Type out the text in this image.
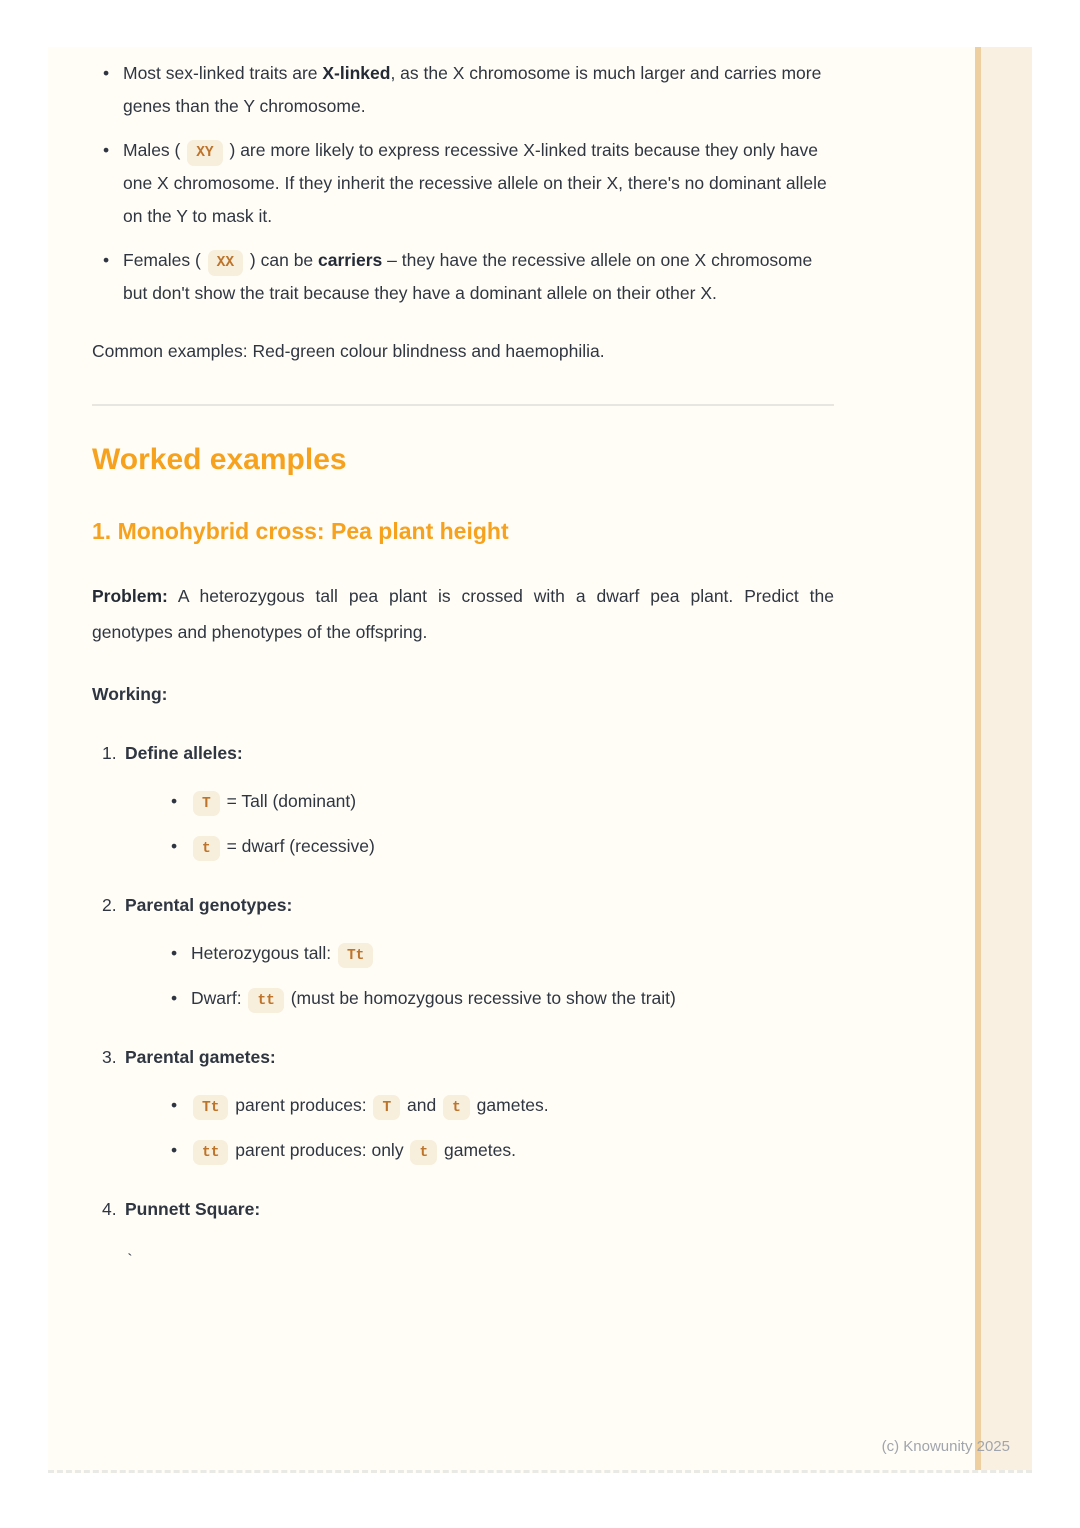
• Most sex-linked traits are X-linked, as the X chromosome is much larger and carries more genes than the Y chromosome.
• Males ( XY ) are more likely to express recessive X-linked traits because they only have one X chromosome. If they inherit the recessive allele on their X, there's no dominant allele on the Y to mask it.
• Females ( XX ) can be carriers – they have the recessive allele on one X chromosome but don't show the trait because they have a dominant allele on their other X.

Common examples: Red-green colour blindness and haemophilia.

Worked examples
1. Monohybrid cross: Pea plant height

Problem: A heterozygous tall pea plant is crossed with a dwarf pea plant. Predict the genotypes and phenotypes of the offspring.

Working:

1. Define alleles:
• T = Tall (dominant)
• t = dwarf (recessive)
2. Parental genotypes:
• Heterozygous tall: Tt
• Dwarf: tt (must be homozygous recessive to show the trait)
3. Parental gametes:
• Tt parent produces: T and t gametes.
• tt parent produces: only t gametes.
4. Punnett Square:
`
(c) Knowunity 2025
